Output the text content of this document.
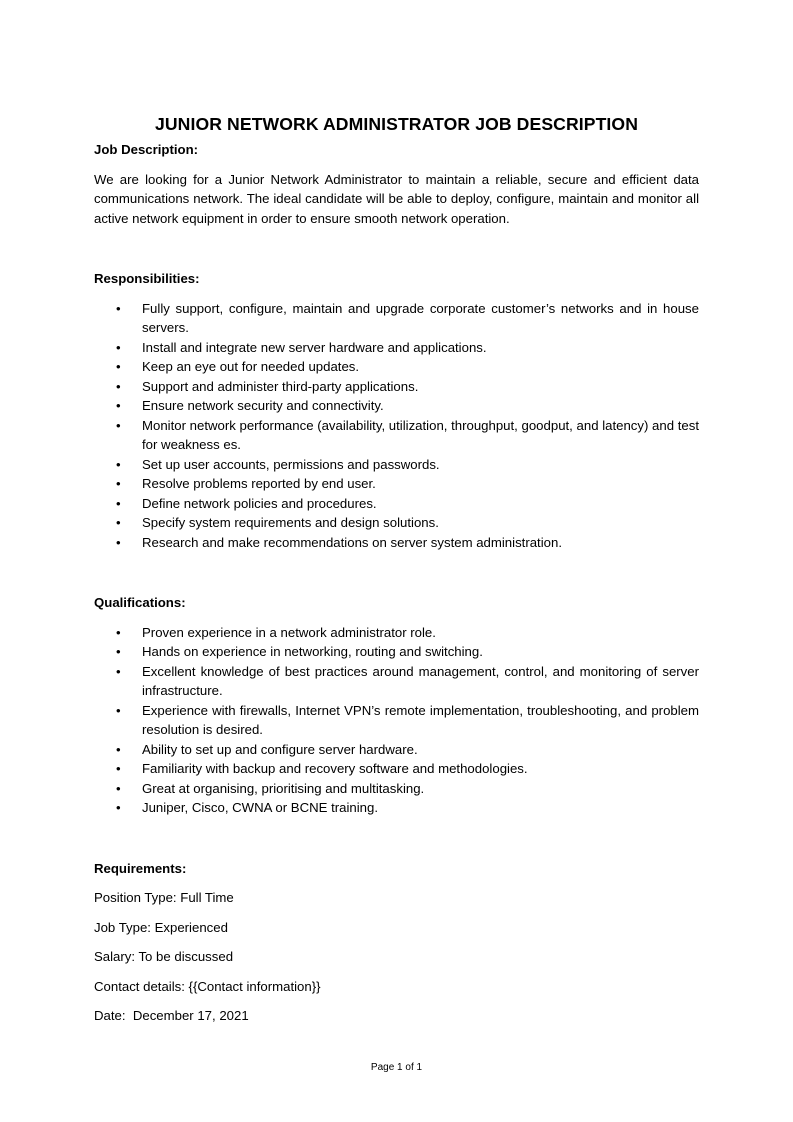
JUNIOR NETWORK ADMINISTRATOR JOB DESCRIPTION

Job Description:

We are looking for a Junior Network Administrator to maintain a reliable, secure and efficient data communications network. The ideal candidate will be able to deploy, configure, maintain and monitor all active network equipment in order to ensure smooth network operation.

Responsibilities:

•	Fully support, configure, maintain and upgrade corporate customer’s networks and in house servers.
•	Install and integrate new server hardware and applications.
•	Keep an eye out for needed updates.
•	Support and administer third-party applications.
•	Ensure network security and connectivity.
•	Monitor network performance (availability, utilization, throughput, goodput, and latency) and test for weakness es.
•	Set up user accounts, permissions and passwords.
•	Resolve problems reported by end user.
•	Define network policies and procedures.
•	Specify system requirements and design solutions.
•	Research and make recommendations on server system administration.

Qualifications:

•	Proven experience in a network administrator role.
•	Hands on experience in networking, routing and switching.
•	Excellent knowledge of best practices around management, control, and monitoring of server infrastructure.
•	Experience with firewalls, Internet VPN’s remote implementation, troubleshooting, and problem resolution is desired.
•	Ability to set up and configure server hardware.
•	Familiarity with backup and recovery software and methodologies.
•	Great at organising, prioritising and multitasking.
•	Juniper, Cisco, CWNA or BCNE training.

Requirements:

Position Type: Full Time

Job Type: Experienced

Salary: To be discussed

Contact details: {{Contact information}}

Date:  December 17, 2021

Page 1 of 1
